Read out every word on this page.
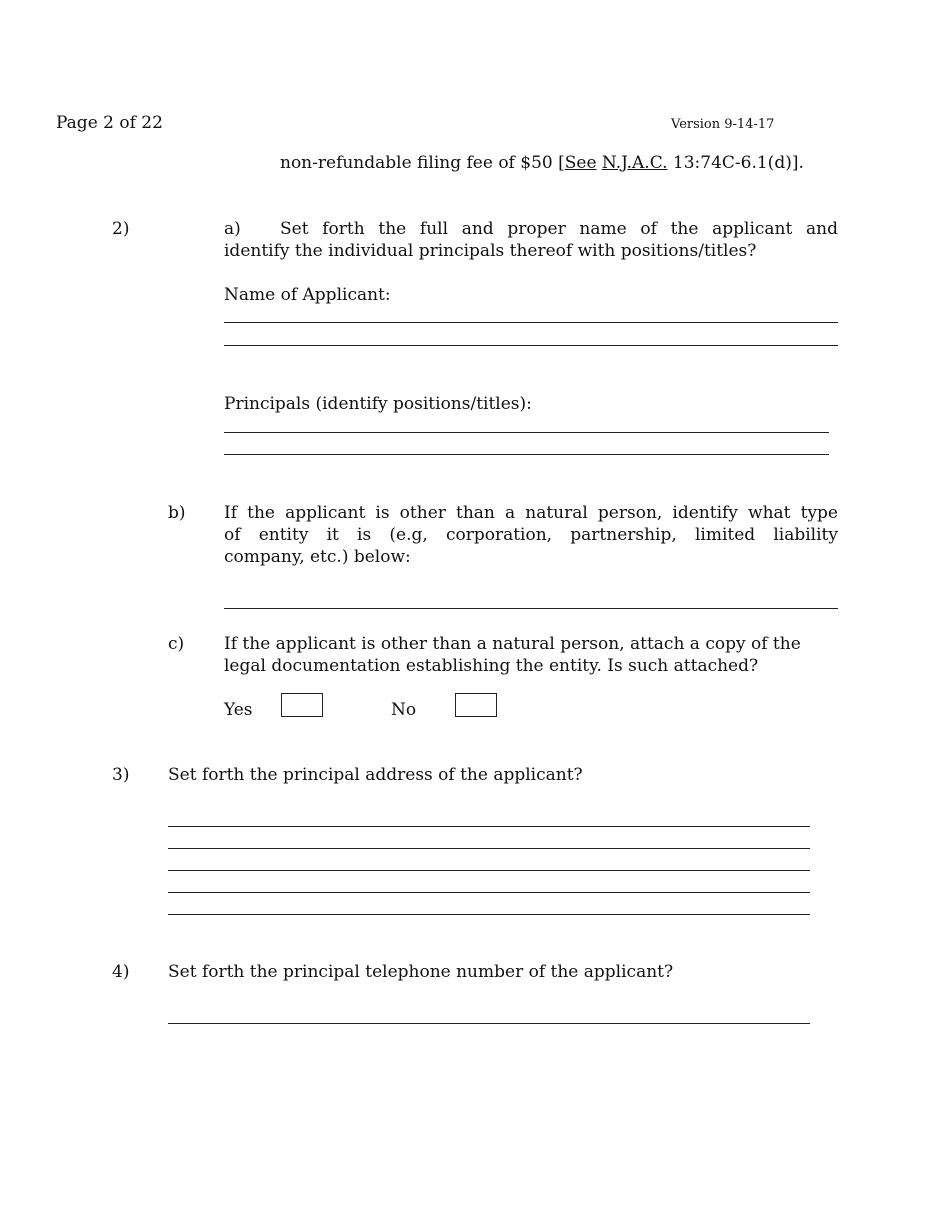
Page 2 of 22	Version 9-14-17
non-refundable filing fee of $50 [See N.J.A.C. 13:74C-6.1(d)].
2)	a) Set forth the full and proper name of the applicant and
identify the individual principals thereof with positions/titles?
Name of Applicant:
Principals (identify positions/titles):
b) If the applicant is other than a natural person, identify what type
of entity it is (e.g, corporation, partnership, limited liability
company, etc.) below:
c) If the applicant is other than a natural person, attach a copy of the
legal documentation establishing the entity. Is such attached?
Yes	No
3) Set forth the principal address of the applicant?
4) Set forth the principal telephone number of the applicant?
